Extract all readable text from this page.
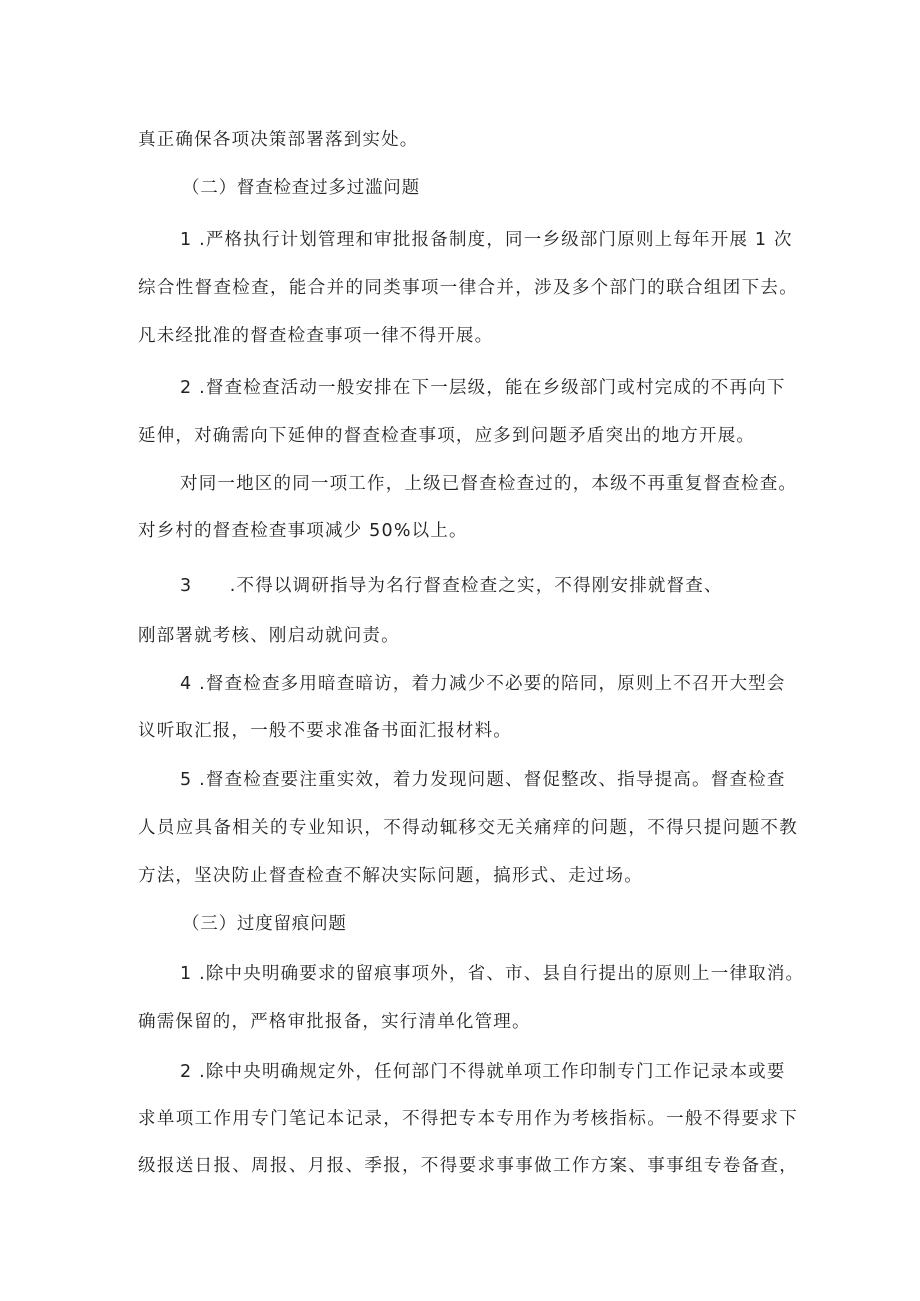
真正确保各项决策部署落到实处。
（二）督查检查过多过滥问题
1 .严格执行计划管理和审批报备制度，同一乡级部门原则上每年开展 1 次
综合性督查检查，能合并的同类事项一律合并，涉及多个部门的联合组团下去。
凡未经批准的督查检查事项一律不得开展。
2 .督查检查活动一般安排在下一层级，能在乡级部门或村完成的不再向下
延伸，对确需向下延伸的督查检查事项，应多到问题矛盾突出的地方开展。
对同一地区的同一项工作，上级已督查检查过的，本级不再重复督查检查。
对乡村的督查检查事项减少 50%以上。
3　　.不得以调研指导为名行督查检查之实，不得刚安排就督查、
刚部署就考核、刚启动就问责。
4 .督查检查多用暗查暗访，着力减少不必要的陪同，原则上不召开大型会
议听取汇报，一般不要求准备书面汇报材料。
5 .督查检查要注重实效，着力发现问题、督促整改、指导提高。督查检查
人员应具备相关的专业知识，不得动辄移交无关痛痒的问题，不得只提问题不教
方法，坚决防止督查检查不解决实际问题，搞形式、走过场。
（三）过度留痕问题
1 .除中央明确要求的留痕事项外，省、市、县自行提出的原则上一律取消。
确需保留的，严格审批报备，实行清单化管理。
2 .除中央明确规定外，任何部门不得就单项工作印制专门工作记录本或要
求单项工作用专门笔记本记录，不得把专本专用作为考核指标。一般不得要求下
级报送日报、周报、月报、季报，不得要求事事做工作方案、事事组专卷备查，
